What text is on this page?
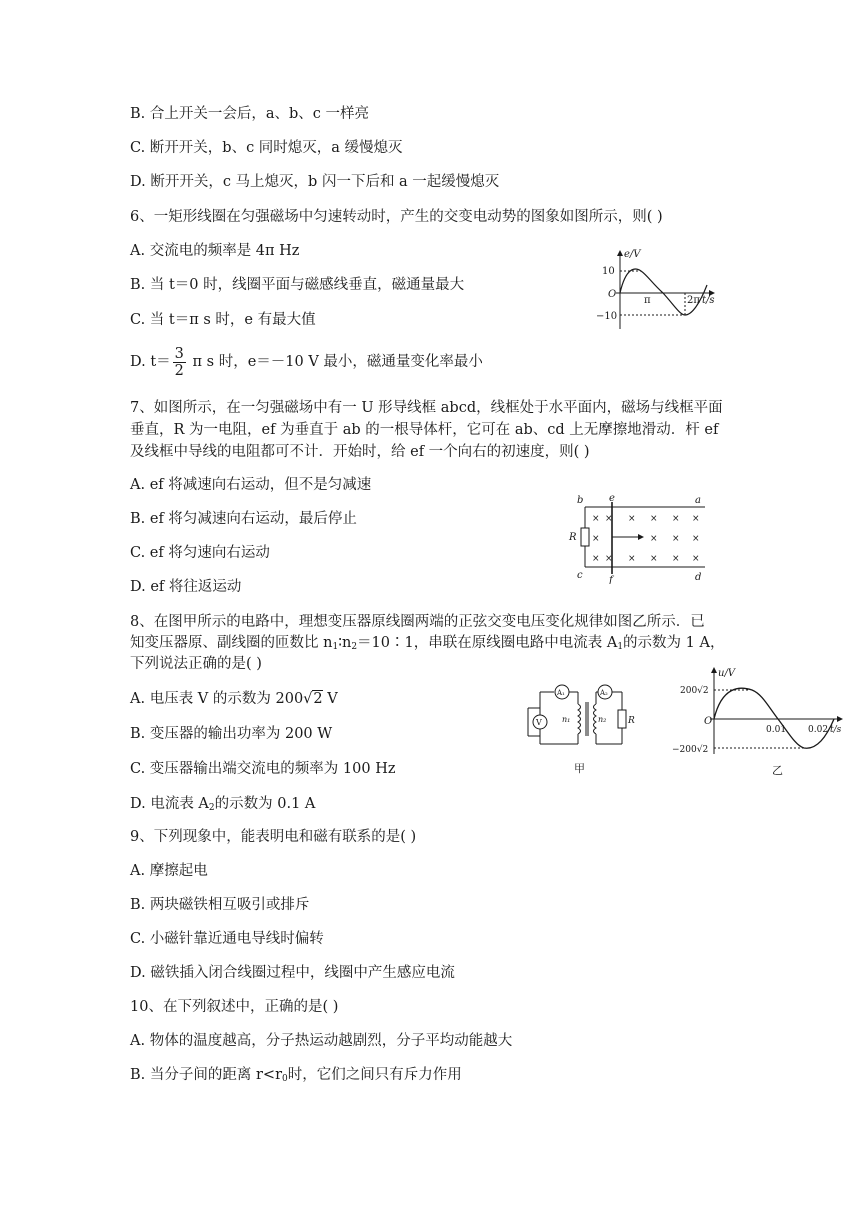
B. 合上开关一会后，a、b、c 一样亮
C. 断开开关，b、c 同时熄灭，a 缓慢熄灭
D. 断开开关，c 马上熄灭，b 闪一下后和 a 一起缓慢熄灭
6、一矩形线圈在匀强磁场中匀速转动时，产生的交变电动势的图象如图所示，则( )
A. 交流电的频率是 4π Hz
B. 当 t＝0 时，线圈平面与磁感线垂直，磁通量最大
C. 当 t＝π s 时，e 有最大值
D. $t= \frac{3}{2}$ π s 时，e＝－10 V 最小，磁通量变化率最小
e/V
10
O
−10
π	2π t/s
7、如图所示，在一匀强磁场中有一 U 形导线框 abcd，线框处于水平面内，磁场与线框平面垂直，R 为一电阻，ef 为垂直于 ab 的一根导体杆，它可在 ab、cd 上无摩擦地滑动．杆 ef 及线框中导线的电阻都可不计．开始时，给 ef 一个向右的初速度，则( )
A. ef 将减速向右运动，但不是匀减速
B. ef 将匀减速向右运动，最后停止
C. ef 将匀速向右运动
D. ef 将往返运动
b	e	a
c	f	d
R
× × × × × ×
×	× × ×
× × × × × ×
8、在图甲所示的电路中，理想变压器原线圈两端的正弦交变电压变化规律如图乙所示．已
知变压器原、副线圈的匝数比 $n_1∶n_2=10∶1$，串联在原线圈电路中电流表 $A_1$的示数为 1 A，
下列说法正确的是( )
A. 电压表 V 的示数为 200√2 V
B. 变压器的输出功率为 200 W
C. 变压器输出端交流电的频率为 100 Hz
D. 电流表 $A_2$的示数为 0.1 A
A₁
V	n₁
A₂
n₂ R
甲
u/V
200√2
O
−200√2
0.01 0.02 t/s
乙
9、下列现象中，能表明电和磁有联系的是( )
A. 摩擦起电
B. 两块磁铁相互吸引或排斥
C. 小磁针靠近通电导线时偏转
D. 磁铁插入闭合线圈过程中，线圈中产生感应电流
10、在下列叙述中，正确的是( )
A. 物体的温度越高，分子热运动越剧烈，分子平均动能越大
B. 当分子间的距离 $r<r_0$时，它们之间只有斥力作用
